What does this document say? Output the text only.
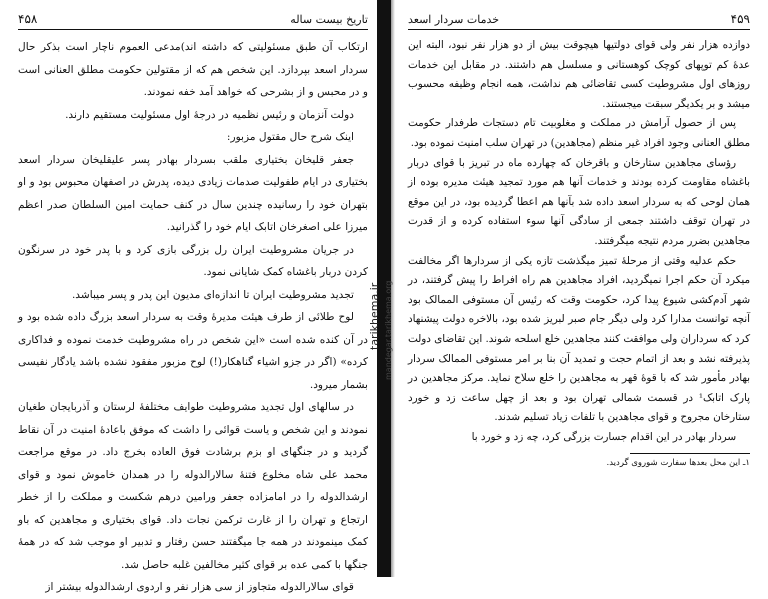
تاریخ بیست ساله
۴۵۸

ارتکاب آن طبق مسئولیتی که داشته اند)مدعی العموم ناچار است بذکر حال سردار اسعد بپردازد. این شخص هم که از مقتولین حکومت مطلق العنانی است و در محبس و از بشرحی که خواهد آمد خفه نمودند.

دولت آنزمان و رئیس نظمیه در درجهٔ اول مسئولیت مستقیم دارند.

اینک شرح حال مقتول مزبور:

جعفر قلیخان بختیاری ملقب بسردار بهادر پسر علیقلیخان سردار اسعد بختیاری در ایام طفولیت صدمات زیادی دیده، پدرش در اصفهان محبوس بود و او بتهران خود را رسانیده چندین سال در کنف حمایت امین السلطان صدر اعظم میرزا علی اصغرخان اتابک ایام خود را گذرانید.

در جریان مشروطیت ایران رل بزرگی بازی کرد و با پدر خود در سرنگون کردن دربار باغشاه کمک شایانی نمود.

تجدید مشروطیت ایران تا اندازه‌ای مدیون این پدر و پسر میباشد.

لوح طلائی از طرف هیئت مدیرهٔ وقت به سردار اسعد بزرگ داده شده بود و در آن کنده شده است «این شخص در راه مشروطیت خدمت نموده و فداکاری کرده» (اگر در جزو اشیاء گناهکار(!) لوح مزبور مفقود نشده باشد یادگار نفیسی بشمار میرود.

در سالهای اول تجدید مشروطیت طوایف مختلفهٔ لرستان و آذربایجان طغیان نمودند و این شخص و یاست قوائی را داشت که موفق باعادهٔ امنیت در آن نقاط گردید و در جنگهای او بزم برشادت فوق العاده بخرج داد. در موقع مراجعت محمد علی شاه مخلوع فتنهٔ سالارالدوله را در همدان خاموش نمود و قوای ارشدالدوله را در امامزاده جعفر ورامین درهم شکست و مملکت را از خطر ارتجاع و تهران را از غارت ترکمن نجات داد. قوای بختیاری و مجاهدین که باو کمک مینمودند در همه جا میگفتند حسن رفتار و تدبیر او موجب شد که در همهٔ جنگها با کمی عده بر قوای کثیر مخالفین غلبه حاصل شد.

قوای سالارالدوله متجاوز از سی هزار نفر و اردوی ارشدالدوله بیشتر از

tarikhema.ir mandegar.tarikhema.org
۴۵۹
خدمات سردار اسعد

دوازده هزار نفر ولی قوای دولتیها هیچوقت بیش از دو هزار نفر نبود، البته این عدهٔ کم توپهای کوچک کوهستانی و مسلسل هم داشتند. در مقابل این خدمات روزهای اول مشروطیت کسی تقاضائی هم نداشت، همه انجام وظیفه محسوب میشد و بر یکدیگر سبقت میجستند.

پس از حصول آرامش در مملکت و مغلوبیت تام دستجات طرفدار حکومت مطلق العنانی وجود افراد غیر منظم (مجاهدین) در تهران سلب امنیت نموده بود.

رؤسای مجاهدین ستارخان و باقرخان که چهارده ماه در تبریز با قوای دربار باغشاه مقاومت کرده بودند و خدمات آنها هم مورد تمجید هیئت مدیره بوده از همان لوحی که به سردار اسعد داده شد بآنها هم اعطا گردیده بود، در این موقع در تهران توقف داشتند جمعی از سادگی آنها سوء استفاده کرده و از قدرت مجاهدین بضرر مردم نتیجه میگرفتند.

حکم عدلیه وقتی از مرحلهٔ تمیز میگذشت تازه یکی از سردارها اگر مخالفت میکرد آن حکم اجرا نمیگردید، افراد مجاهدین هم راه افراط را پیش گرفتند، در شهر آدم‌کشی شیوع پیدا کرد، حکومت وقت که رئیس آن مستوفی الممالک بود آنچه توانست مدارا کرد ولی دیگر جام صبر لبریز شده بود، بالاخره دولت پیشنهاد کرد که سرداران ولی موافقت کنند مجاهدین خلع اسلحه شوند. این تقاضای دولت پذیرفته نشد و بعد از اتمام حجت و تمدید آن بنا بر امر مستوفی الممالک سردار بهادر مأمور شد که با قوهٔ قهر به مجاهدین را خلع سلاح نماید. مرکز مجاهدین در پارک اتابک¹ در قسمت شمالی تهران بود و بعد از چهل ساعت زد و خورد ستارخان مجروح و قوای مجاهدین با تلفات زیاد تسلیم شدند.

سردار بهادر در این اقدام جسارت بزرگی کرد، چه زد و خورد با

۱ـ این محل بعدها سفارت شوروی گردید.
